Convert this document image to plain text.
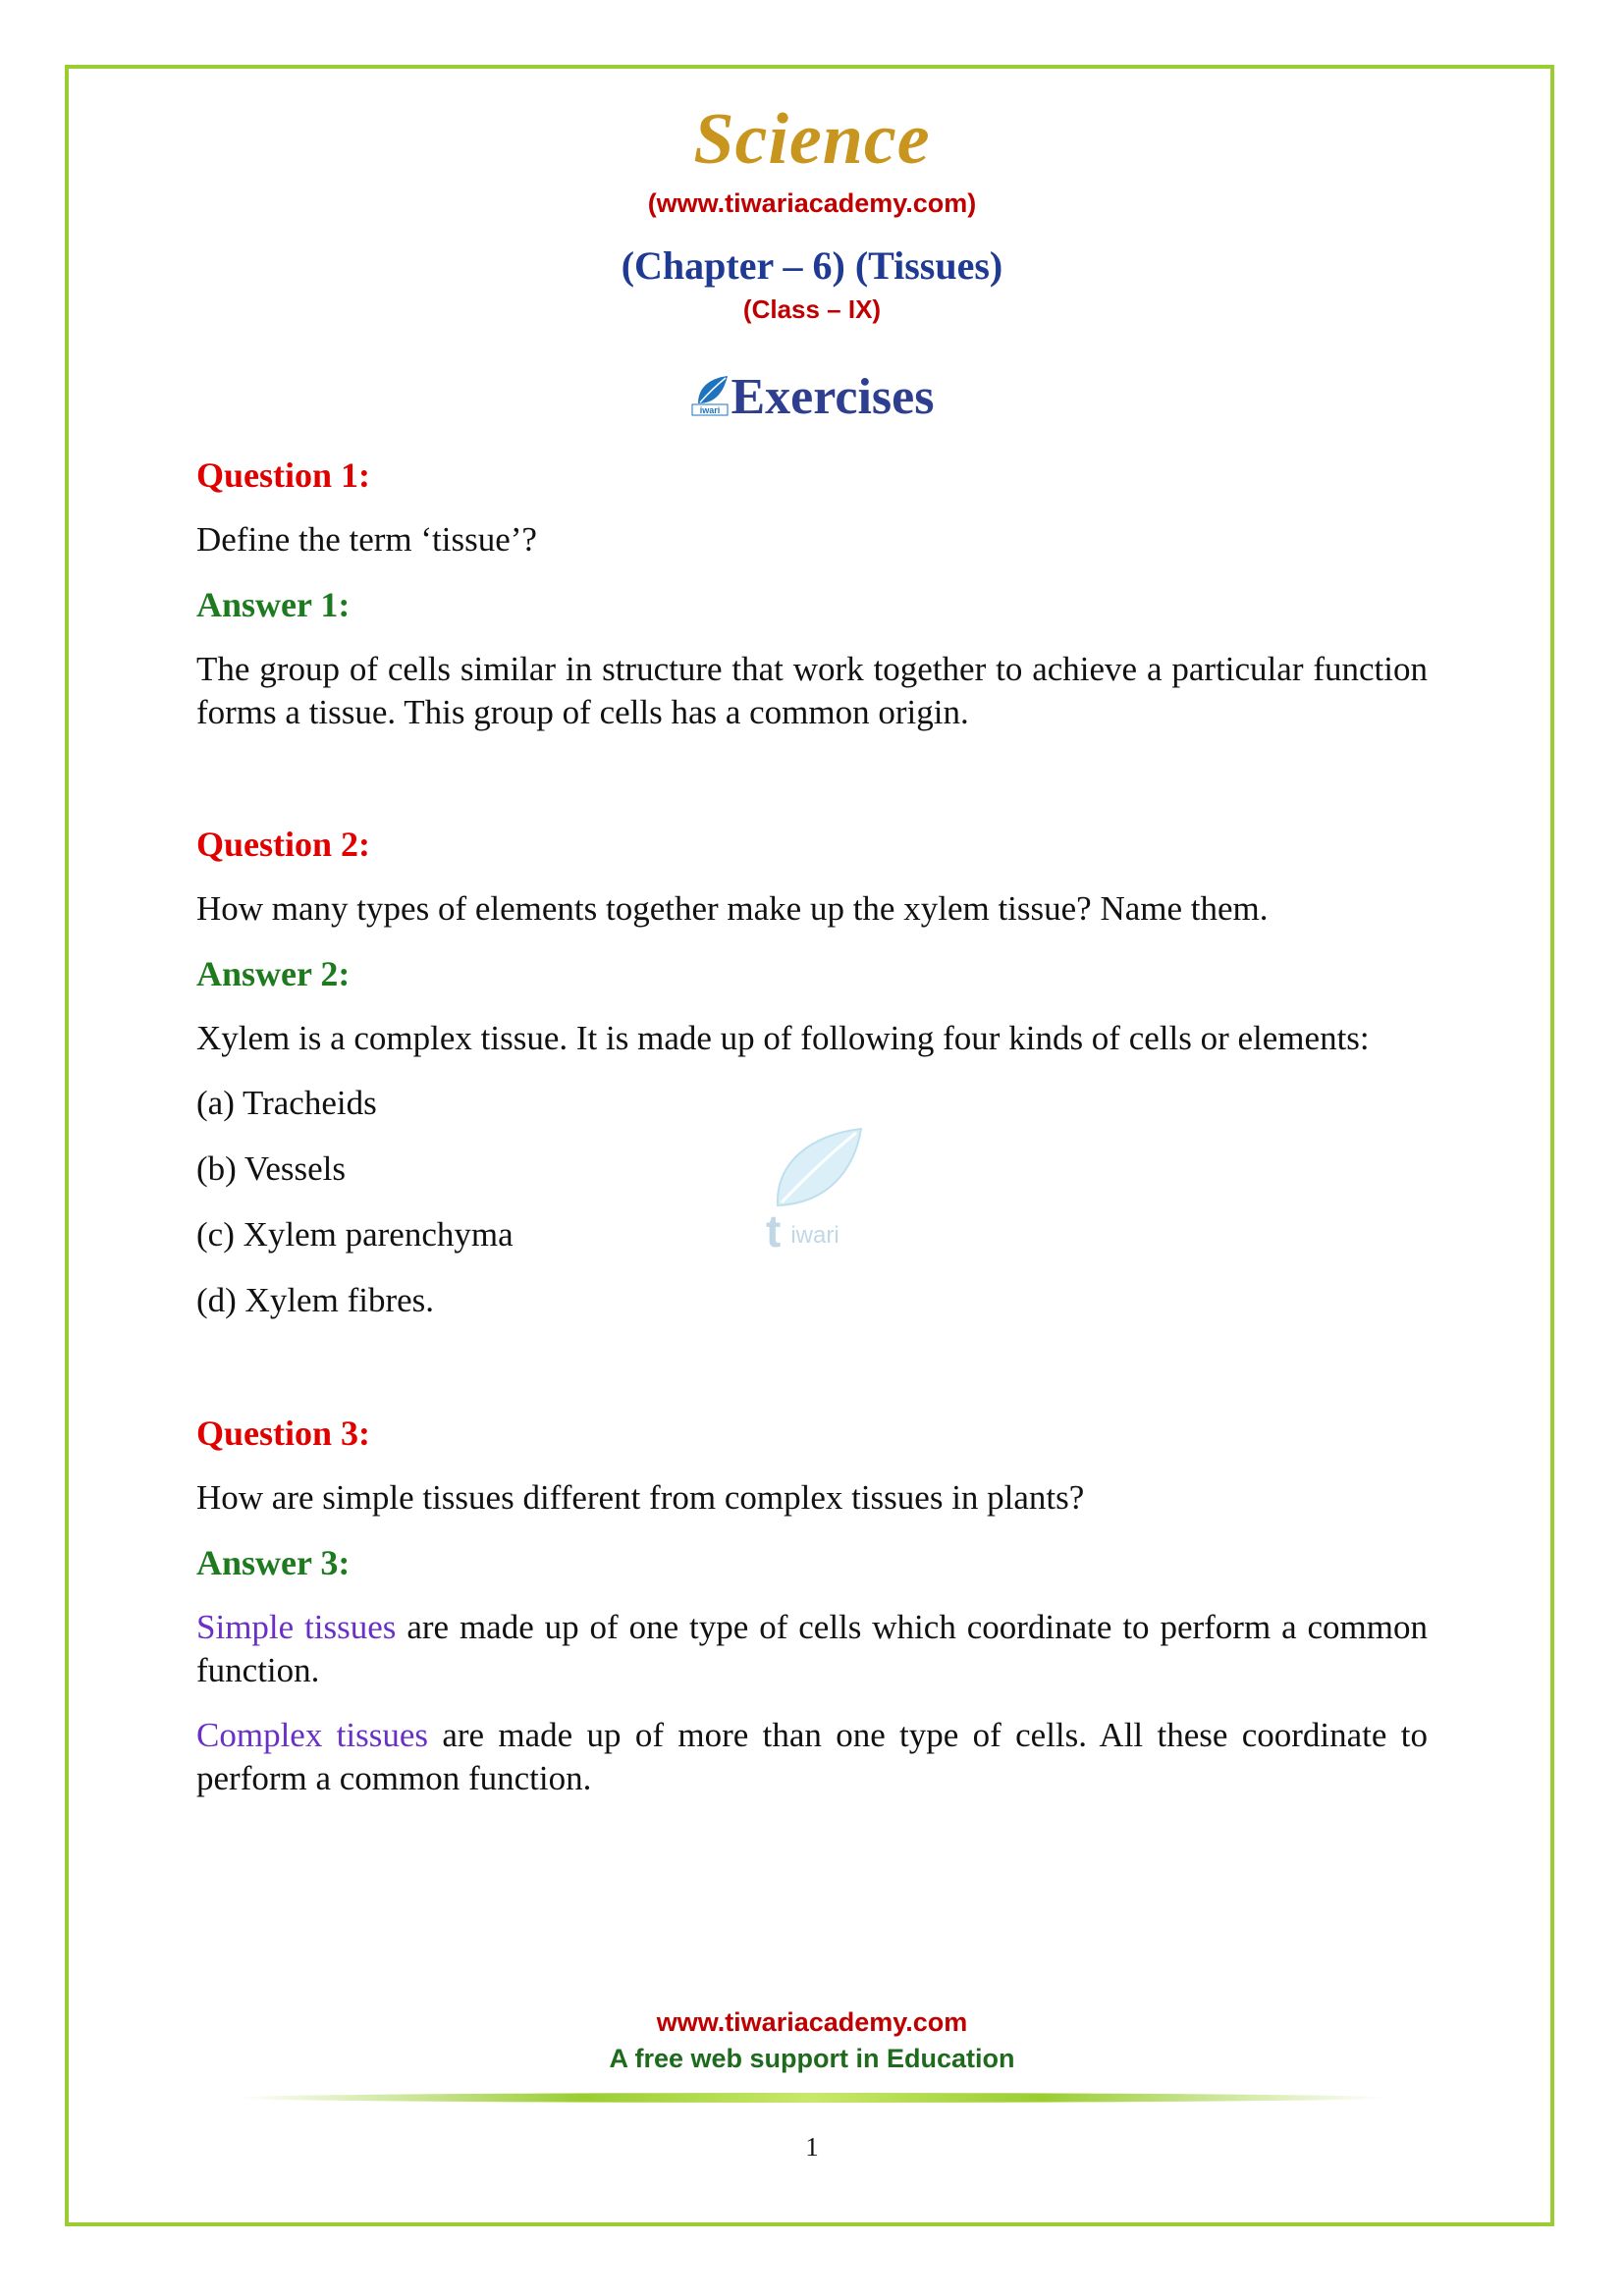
Science
(www.tiwariacademy.com)
(Chapter – 6) (Tissues)
(Class – IX)
iwari Exercises
Question 1:
Define the term ‘tissue’?
Answer 1:
The group of cells similar in structure that work together to achieve a particular function forms a tissue. This group of cells has a common origin.
Question 2:
How many types of elements together make up the xylem tissue? Name them.
Answer 2:
Xylem is a complex tissue. It is made up of following four kinds of cells or elements:
(a) Tracheids
(b) Vessels
(c) Xylem parenchyma
(d) Xylem fibres.
Question 3:
How are simple tissues different from complex tissues in plants?
Answer 3:
Simple tissues are made up of one type of cells which coordinate to perform a common function.
Complex tissues are made up of more than one type of cells. All these coordinate to perform a common function.
t iwari
www.tiwariacademy.com
A free web support in Education
1
